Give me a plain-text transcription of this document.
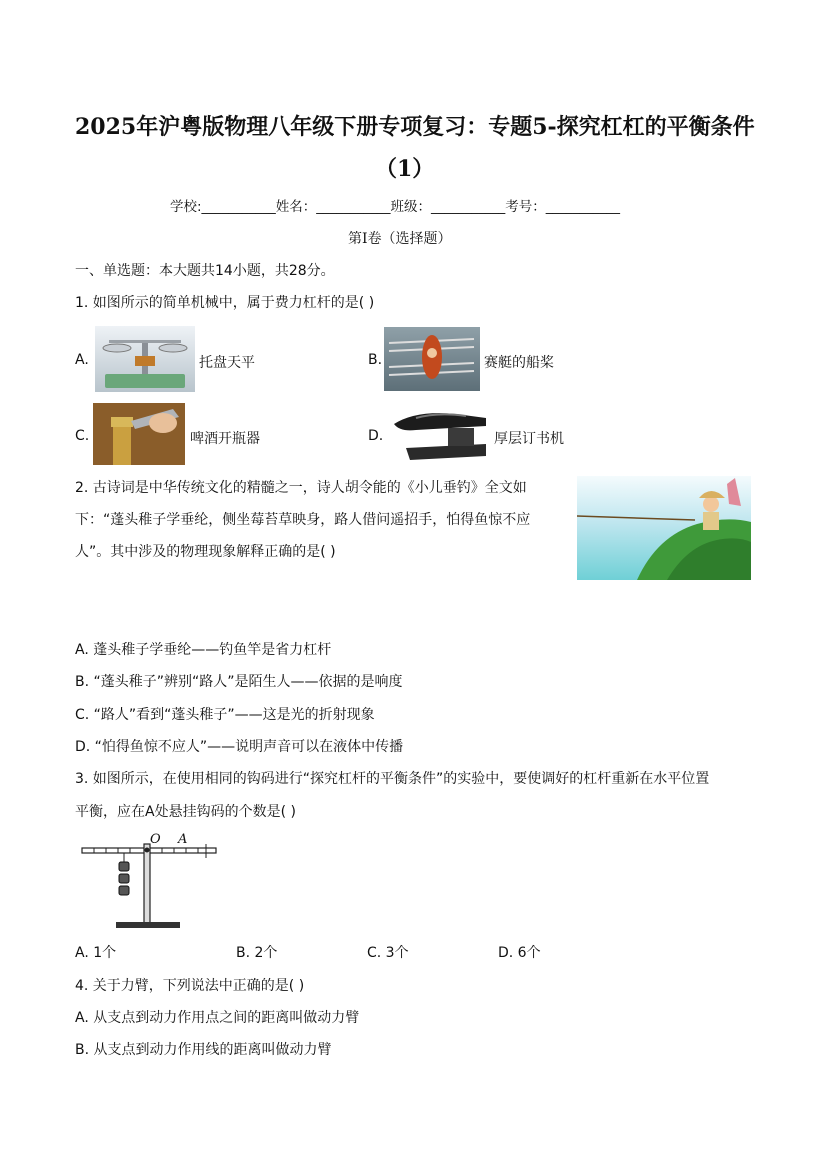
2025年沪粤版物理八年级下册专项复习：专题5-探究杠杠的平衡条件
（1）
学校:___________姓名：___________班级：___________考号：___________
第I卷（选择题）
一、单选题：本大题共14小题，共28分。
1. 如图所示的简单机械中，属于费力杠杆的是( )
A.	托盘天平	B.	赛艇的船桨
C.	啤酒开瓶器	D.	厚层订书机
2. 古诗词是中华传统文化的精髓之一，诗人胡令能的《小儿垂钓》全文如
下：“蓬头稚子学垂纶，侧坐莓苔草映身，路人借问遥招手，怕得鱼惊不应
人”。其中涉及的物理现象解释正确的是( )
A. 蓬头稚子学垂纶——钓鱼竿是省力杠杆
B. “蓬头稚子”辨别“路人”是陌生人——依据的是响度
C. “路人”看到“蓬头稚子”——这是光的折射现象
D. “怕得鱼惊不应人”——说明声音可以在液体中传播
3. 如图所示，在使用相同的钩码进行“探究杠杆的平衡条件”的实验中，要使调好的杠杆重新在水平位置
平衡，应在A处悬挂钩码的个数是( )
O A
A. 1个	B. 2个	C. 3个	D. 6个
4. 关于力臂，下列说法中正确的是( )
A. 从支点到动力作用点之间的距离叫做动力臂
B. 从支点到动力作用线的距离叫做动力臂
